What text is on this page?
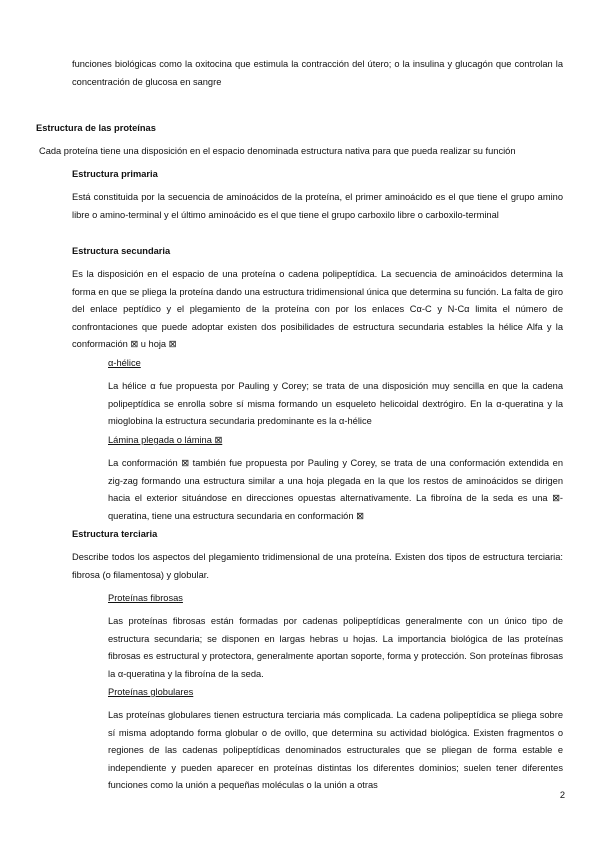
funciones biológicas como la oxitocina que estimula la contracción del útero; o la insulina y glucagón que controlan la concentración de glucosa en sangre

Estructura de las proteínas
Cada proteína tiene una disposición en el espacio denominada estructura nativa para que pueda realizar su función
Estructura primaria

Está constituida por la secuencia de aminoácidos de la proteína, el primer aminoácido es el que tiene el grupo amino libre o amino-terminal y el último aminoácido es el que tiene el grupo carboxilo libre o carboxilo-terminal

Estructura secundaria

Es la disposición en el espacio de una proteína o cadena polipeptídica. La secuencia de aminoácidos determina la forma en que se pliega la proteína dando una estructura tridimensional única que determina su función. La falta de giro del enlace peptídico y el plegamiento de la proteína con por los enlaces Cα-C y N-Cα limita el número de confrontaciones que puede adoptar existen dos posibilidades de estructura secundaria estables la hélice Alfa y la conformación ⊠ u hoja ⊠

α-hélice

La hélice α fue propuesta por Pauling y Corey; se trata de una disposición muy sencilla en que la cadena polipeptídica se enrolla sobre sí misma formando un esqueleto helicoidal dextrógiro. En la α-queratina y la mioglobina la estructura secundaria predominante es la α-hélice

Lámina plegada o lámina ⊠

La conformación ⊠ también fue propuesta por Pauling y Corey, se trata de una conformación extendida en zig-zag formando una estructura similar a una hoja plegada en la que los restos de aminoácidos se dirigen hacia el exterior situándose en direcciones opuestas alternativamente. La fibroína de la seda es una ⊠-queratina, tiene una estructura secundaria en conformación ⊠

Estructura terciaria

Describe todos los aspectos del plegamiento tridimensional de una proteína. Existen dos tipos de estructura terciaria: fibrosa (o filamentosa) y globular.

Proteínas fibrosas

Las proteínas fibrosas están formadas por cadenas polipeptídicas generalmente con un único tipo de estructura secundaria; se disponen en largas hebras u hojas. La importancia biológica de las proteínas fibrosas es estructural y protectora, generalmente aportan soporte, forma y protección. Son proteínas fibrosas la α-queratina y la fibroína de la seda.

Proteínas globulares

Las proteínas globulares tienen estructura terciaria más complicada. La cadena polipeptídica se pliega sobre sí misma adoptando forma globular o de ovillo, que determina su actividad biológica. Existen fragmentos o regiones de las cadenas polipeptídicas denominados estructurales que se pliegan de forma estable e independiente y pueden aparecer en proteínas distintas los diferentes dominios; suelen tener diferentes funciones como la unión a pequeñas moléculas o la unión a otras

2
